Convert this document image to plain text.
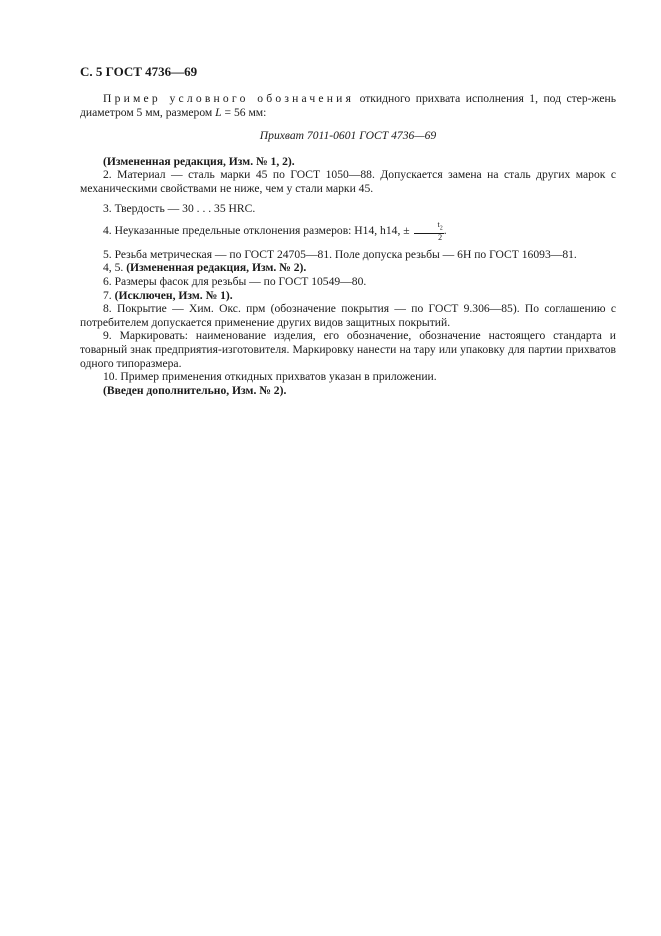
С. 5 ГОСТ 4736—69

Пример условного обозначения откидного прихвата исполнения 1, под стер-жень диаметром 5 мм, размером L = 56 мм:

Прихват 7011-0601 ГОСТ 4736—69

(Измененная редакция, Изм. № 1, 2).

2. Материал — сталь марки 45 по ГОСТ 1050—88. Допускается замена на сталь других марок с механическими свойствами не ниже, чем у стали марки 45.

3. Твердость — 30 . . . 35 HRC.

4. Неуказанные предельные отклонения размеров: H14, h14, ± $\frac{t_2}{2}$ .

5. Резьба метрическая — по ГОСТ 24705—81. Поле допуска резьбы — 6Н по ГОСТ 16093—81.

4, 5. (Измененная редакция, Изм. № 2).

6. Размеры фасок для резьбы — по ГОСТ 10549—80.

7. (Исключен, Изм. № 1).

8. Покрытие — Хим. Окс. прм (обозначение покрытия — по ГОСТ 9.306—85). По соглашению с потребителем допускается применение других видов защитных покрытий.

9. Маркировать: наименование изделия, его обозначение, обозначение настоящего стандарта и товарный знак предприятия-изготовителя. Маркировку нанести на тару или упаковку для партии прихватов одного типоразмера.

10. Пример применения откидных прихватов указан в приложении.

(Введен дополнительно, Изм. № 2).
